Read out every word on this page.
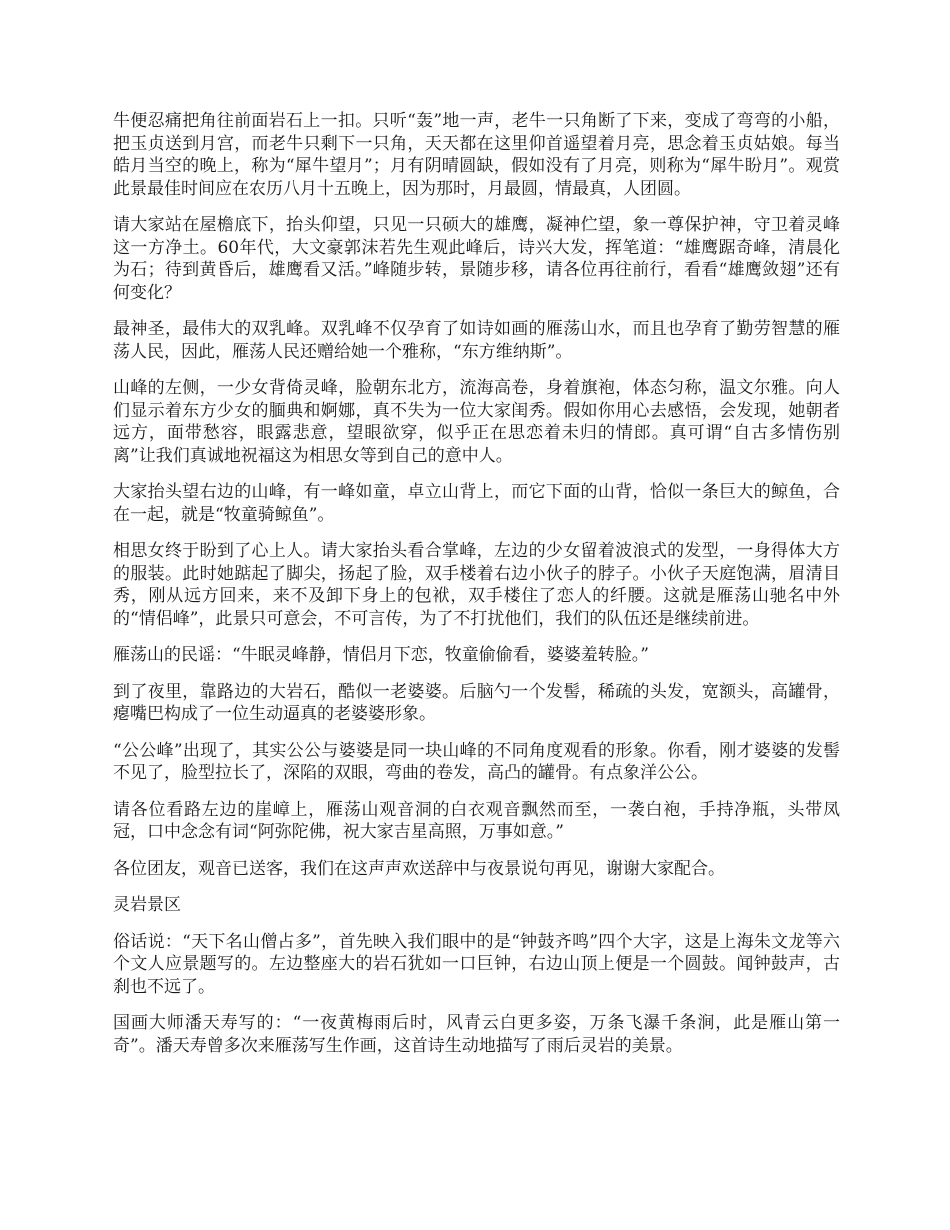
牛便忍痛把角往前面岩石上一扣。只听“轰”地一声，老牛一只角断了下来，变成了弯弯的小船，把玉贞送到月宫，而老牛只剩下一只角，天天都在这里仰首遥望着月亮，思念着玉贞姑娘。每当皓月当空的晚上，称为“犀牛望月”；月有阴晴圆缺，假如没有了月亮，则称为“犀牛盼月”。观赏此景最佳时间应在农历八月十五晚上，因为那时，月最圆，情最真，人团圆。

请大家站在屋檐底下，抬头仰望，只见一只硕大的雄鹰，凝神伫望，象一尊保护神，守卫着灵峰这一方净土。60年代，大文豪郭沫若先生观此峰后，诗兴大发，挥笔道：“雄鹰踞奇峰，清晨化为石；待到黄昏后，雄鹰看又活。”峰随步转，景随步移，请各位再往前行，看看“雄鹰敛翅”还有何变化？

最神圣，最伟大的双乳峰。双乳峰不仅孕育了如诗如画的雁荡山水，而且也孕育了勤劳智慧的雁荡人民，因此，雁荡人民还赠给她一个雅称，“东方维纳斯”。

山峰的左侧，一少女背倚灵峰，脸朝东北方，流海高卷，身着旗袍，体态匀称，温文尔雅。向人们显示着东方少女的腼典和婀娜，真不失为一位大家闺秀。假如你用心去感悟，会发现，她朝者远方，面带愁容，眼露悲意，望眼欲穿，似乎正在思恋着未归的情郎。真可谓“自古多情伤别离”让我们真诚地祝福这为相思女等到自己的意中人。

大家抬头望右边的山峰，有一峰如童，卓立山背上，而它下面的山背，恰似一条巨大的鲸鱼，合在一起，就是“牧童骑鲸鱼”。

相思女终于盼到了心上人。请大家抬头看合掌峰，左边的少女留着波浪式的发型，一身得体大方的服装。此时她踮起了脚尖，扬起了脸，双手楼着右边小伙子的脖子。小伙子天庭饱满，眉清目秀，刚从远方回来，来不及卸下身上的包袱，双手楼住了恋人的纤腰。这就是雁荡山驰名中外的“情侣峰”，此景只可意会，不可言传，为了不打扰他们，我们的队伍还是继续前进。

雁荡山的民谣：“牛眠灵峰静，情侣月下恋，牧童偷偷看，婆婆羞转脸。”

到了夜里，靠路边的大岩石，酷似一老婆婆。后脑勺一个发髻，稀疏的头发，宽额头，高罐骨，瘪嘴巴构成了一位生动逼真的老婆婆形象。

“公公峰”出现了，其实公公与婆婆是同一块山峰的不同角度观看的形象。你看，刚才婆婆的发髻不见了，脸型拉长了，深陷的双眼，弯曲的卷发，高凸的罐骨。有点象洋公公。

请各位看路左边的崖嶂上，雁荡山观音洞的白衣观音飘然而至，一袭白袍，手持净瓶，头带凤冠，口中念念有词“阿弥陀佛，祝大家吉星高照，万事如意。”

各位团友，观音已送客，我们在这声声欢送辞中与夜景说句再见，谢谢大家配合。

灵岩景区

俗话说：“天下名山僧占多”，首先映入我们眼中的是“钟鼓齐鸣”四个大字，这是上海朱文龙等六个文人应景题写的。左边整座大的岩石犹如一口巨钟，右边山顶上便是一个圆鼓。闻钟鼓声，古刹也不远了。

国画大师潘天寿写的：“一夜黄梅雨后时，风青云白更多姿，万条飞瀑千条涧，此是雁山第一奇”。潘天寿曾多次来雁荡写生作画，这首诗生动地描写了雨后灵岩的美景。
